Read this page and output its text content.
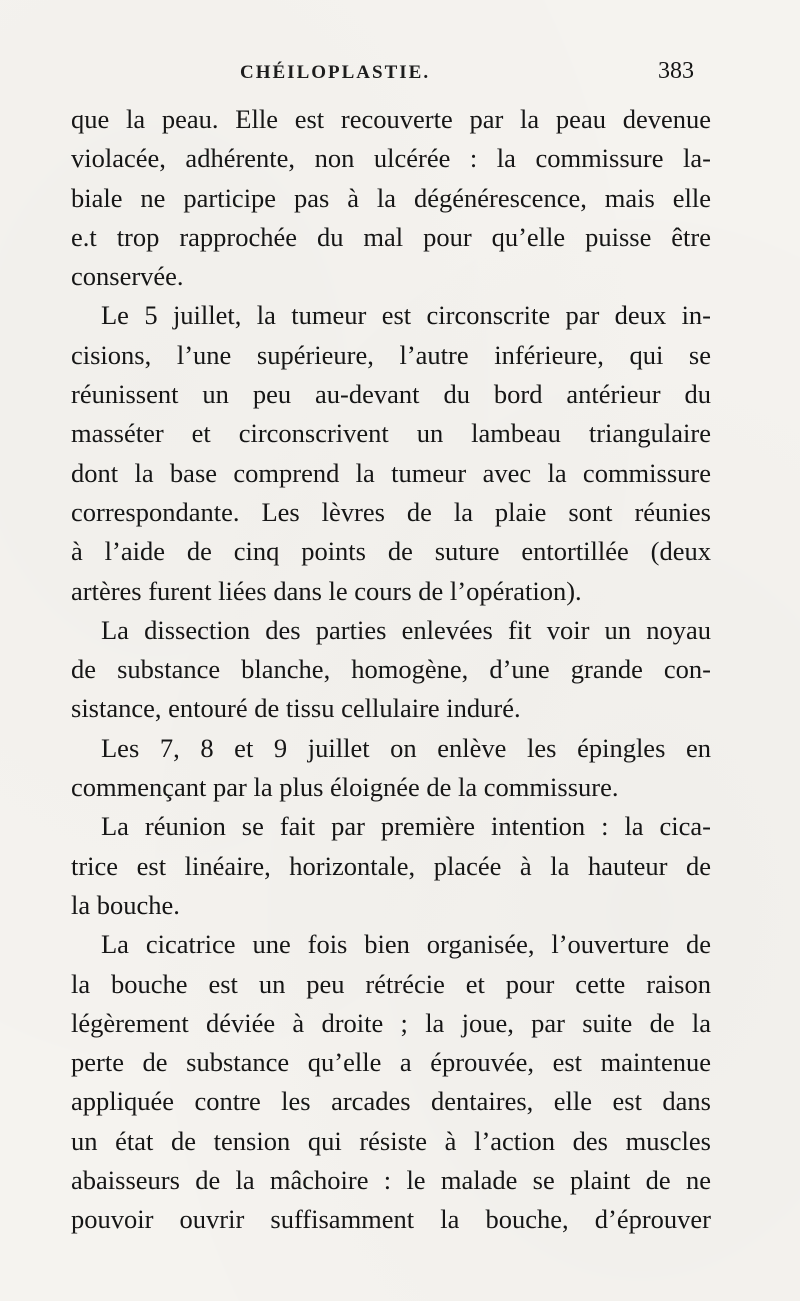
CHÉILOPLASTIE.	383
que la peau. Elle est recouverte par la peau devenue
violacée, adhérente, non ulcérée : la commissure la-
biale ne participe pas à la dégénérescence, mais elle
e.t trop rapprochée du mal pour qu’elle puisse être
conservée.
Le 5 juillet, la tumeur est circonscrite par deux in-
cisions, l’une supérieure, l’autre inférieure, qui se
réunissent un peu au-devant du bord antérieur du
masséter et circonscrivent un lambeau triangulaire
dont la base comprend la tumeur avec la commissure
correspondante. Les lèvres de la plaie sont réunies
à l’aide de cinq points de suture entortillée (deux
artères furent liées dans le cours de l’opération).
La dissection des parties enlevées fit voir un noyau
de substance blanche, homogène, d’une grande con-
sistance, entouré de tissu cellulaire induré.
Les 7, 8 et 9 juillet on enlève les épingles en
commençant par la plus éloignée de la commissure.
La réunion se fait par première intention : la cica-
trice est linéaire, horizontale, placée à la hauteur de
la bouche.
La cicatrice une fois bien organisée, l’ouverture de
la bouche est un peu rétrécie et pour cette raison
légèrement déviée à droite ; la joue, par suite de la
perte de substance qu’elle a éprouvée, est maintenue
appliquée contre les arcades dentaires, elle est dans
un état de tension qui résiste à l’action des muscles
abaisseurs de la mâchoire : le malade se plaint de ne
pouvoir ouvrir suffisamment la bouche, d’éprouver
